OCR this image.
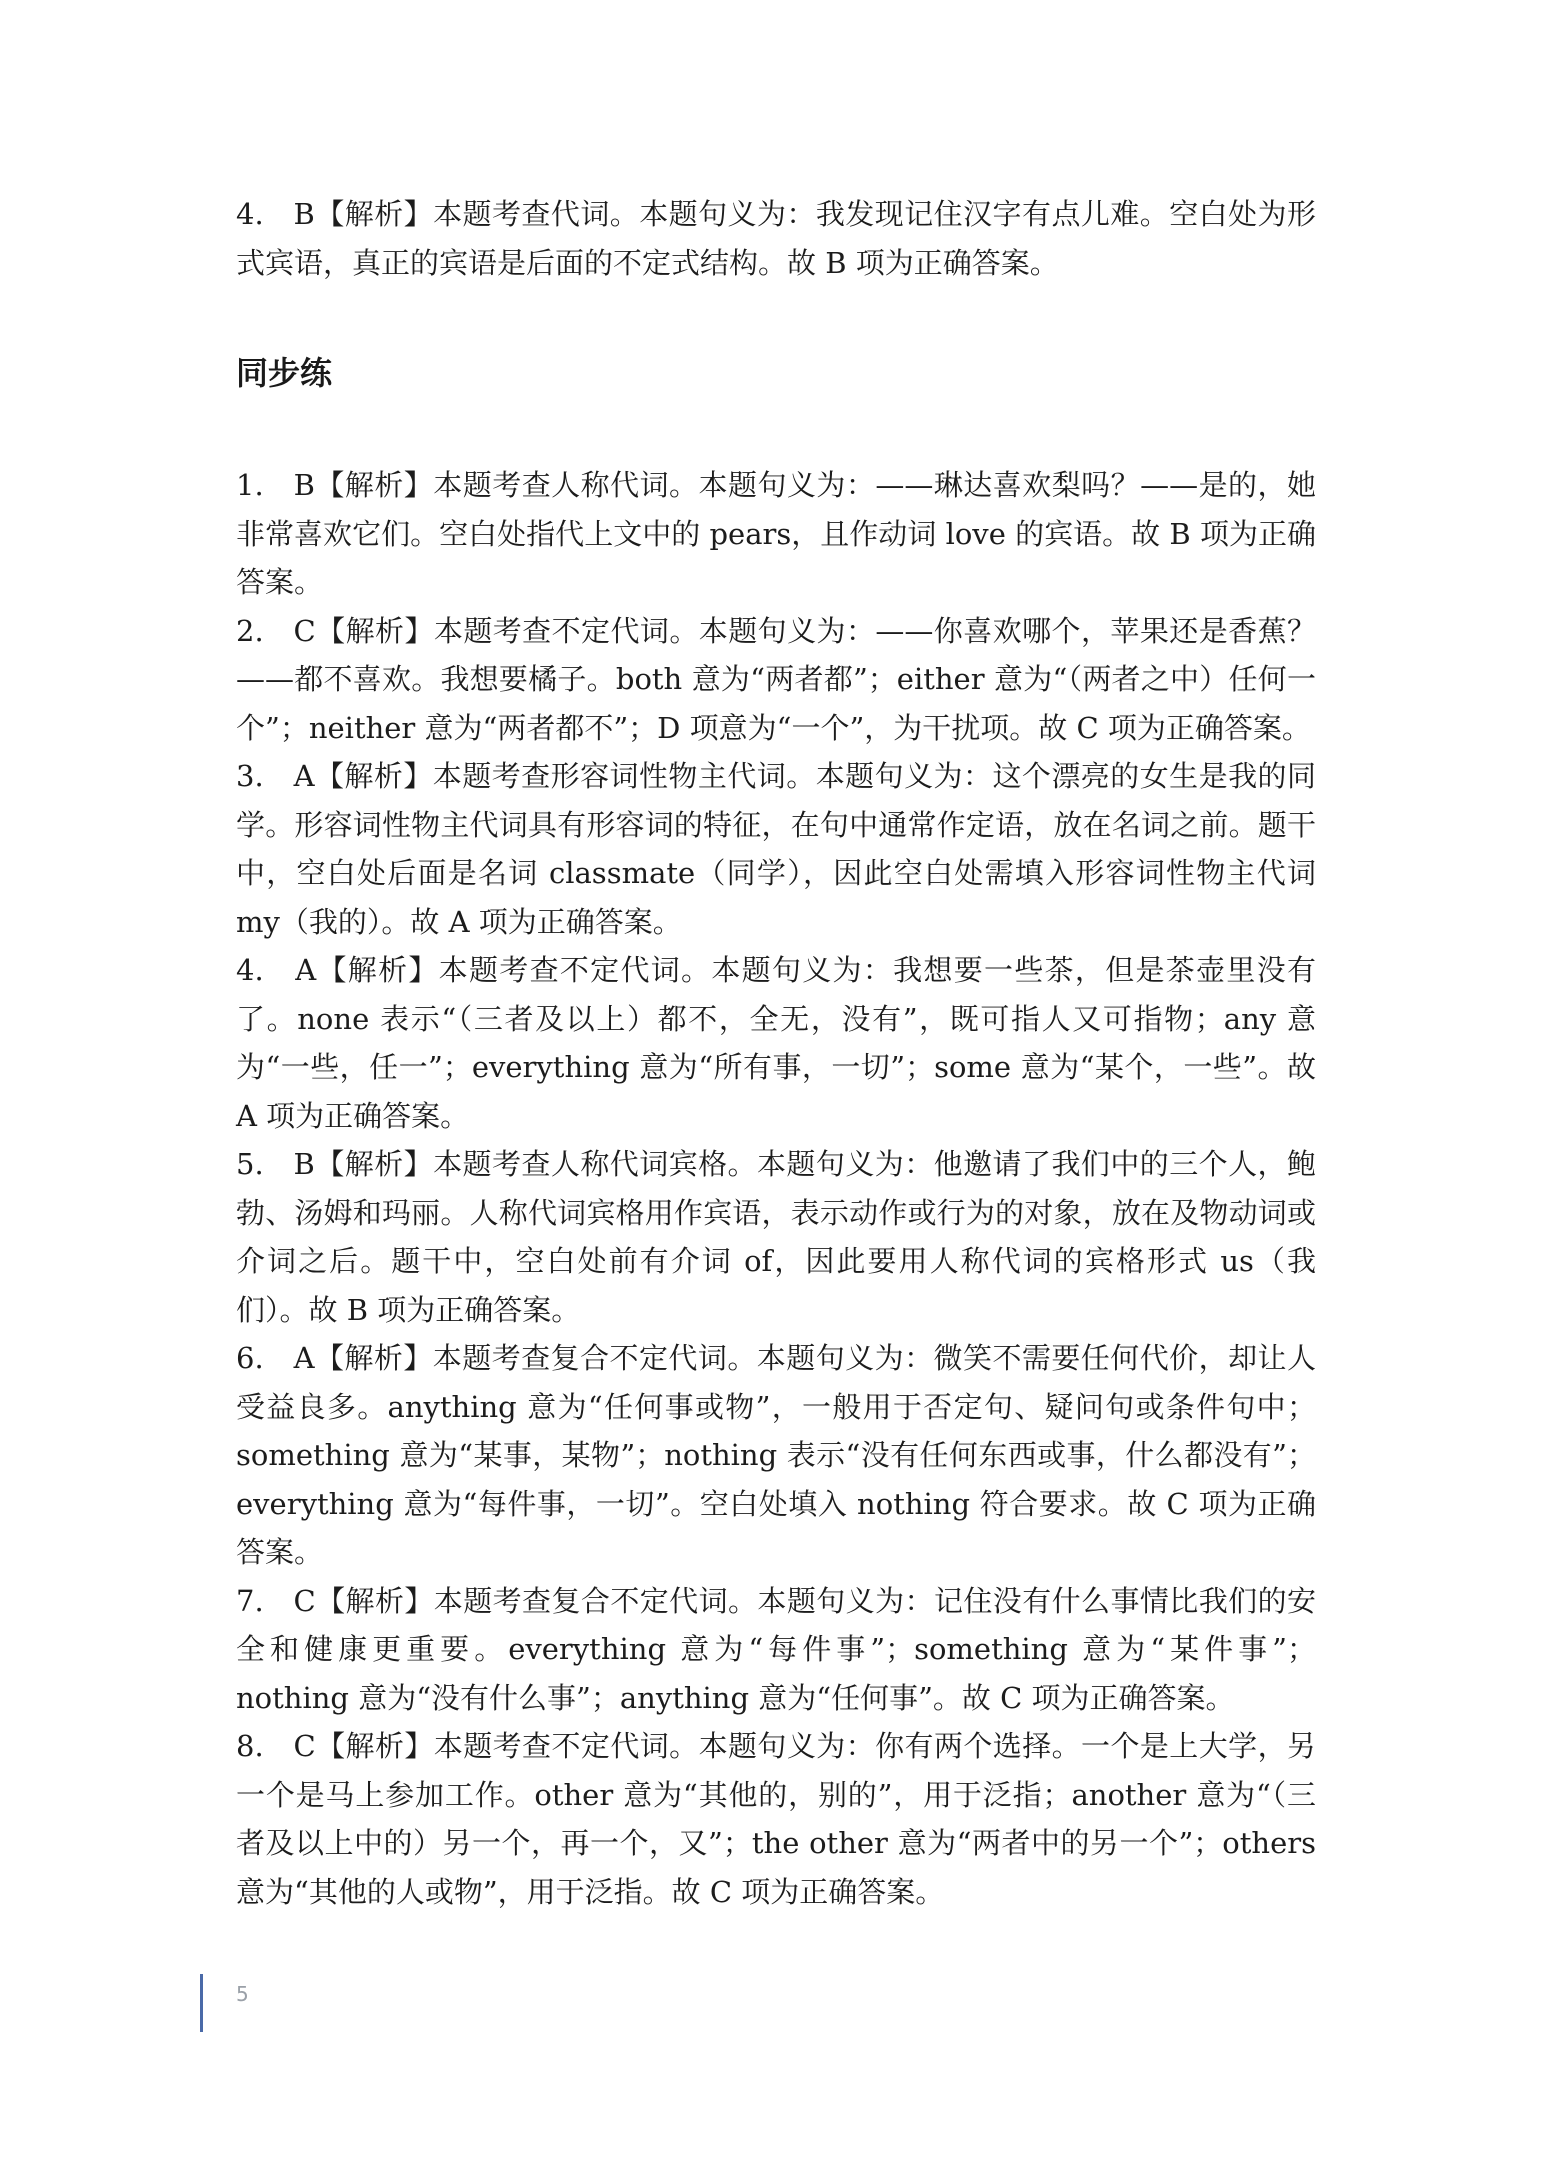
4.　B【解析】本题考查代词。本题句义为：我发现记住汉字有点儿难。空白处为形式宾语，真正的宾语是后面的不定式结构。故 B 项为正确答案。

同步练

1.　B【解析】本题考查人称代词。本题句义为：——琳达喜欢梨吗？——是的，她非常喜欢它们。空白处指代上文中的 pears，且作动词 love 的宾语。故 B 项为正确答案。

2.　C【解析】本题考查不定代词。本题句义为：——你喜欢哪个，苹果还是香蕉？——都不喜欢。我想要橘子。both 意为“两者都”；either 意为“（两者之中）任何一个”；neither 意为“两者都不”；D 项意为“一个”，为干扰项。故 C 项为正确答案。

3.　A【解析】本题考查形容词性物主代词。本题句义为：这个漂亮的女生是我的同学。形容词性物主代词具有形容词的特征，在句中通常作定语，放在名词之前。题干中，空白处后面是名词 classmate（同学），因此空白处需填入形容词性物主代词 my（我的）。故 A 项为正确答案。

4.　A【解析】本题考查不定代词。本题句义为：我想要一些茶，但是茶壶里没有了。none 表示“（三者及以上）都不，全无，没有”，既可指人又可指物；any 意为“一些，任一”；everything 意为“所有事，一切”；some 意为“某个，一些”。故 A 项为正确答案。

5.　B【解析】本题考查人称代词宾格。本题句义为：他邀请了我们中的三个人，鲍勃、汤姆和玛丽。人称代词宾格用作宾语，表示动作或行为的对象，放在及物动词或介词之后。题干中，空白处前有介词 of，因此要用人称代词的宾格形式 us（我们）。故 B 项为正确答案。

6.　A【解析】本题考查复合不定代词。本题句义为：微笑不需要任何代价，却让人受益良多。anything 意为“任何事或物”，一般用于否定句、疑问句或条件句中；something 意为“某事，某物”；nothing 表示“没有任何东西或事，什么都没有”；everything 意为“每件事，一切”。空白处填入 nothing 符合要求。故 C 项为正确答案。

7.　C【解析】本题考查复合不定代词。本题句义为：记住没有什么事情比我们的安全和健康更重要。everything 意为“每件事”；something 意为“某件事”；nothing 意为“没有什么事”；anything 意为“任何事”。故 C 项为正确答案。

8.　C【解析】本题考查不定代词。本题句义为：你有两个选择。一个是上大学，另一个是马上参加工作。other 意为“其他的，别的”，用于泛指；another 意为“（三者及以上中的）另一个，再一个，又”；the other 意为“两者中的另一个”；others 意为“其他的人或物”，用于泛指。故 C 项为正确答案。

5
